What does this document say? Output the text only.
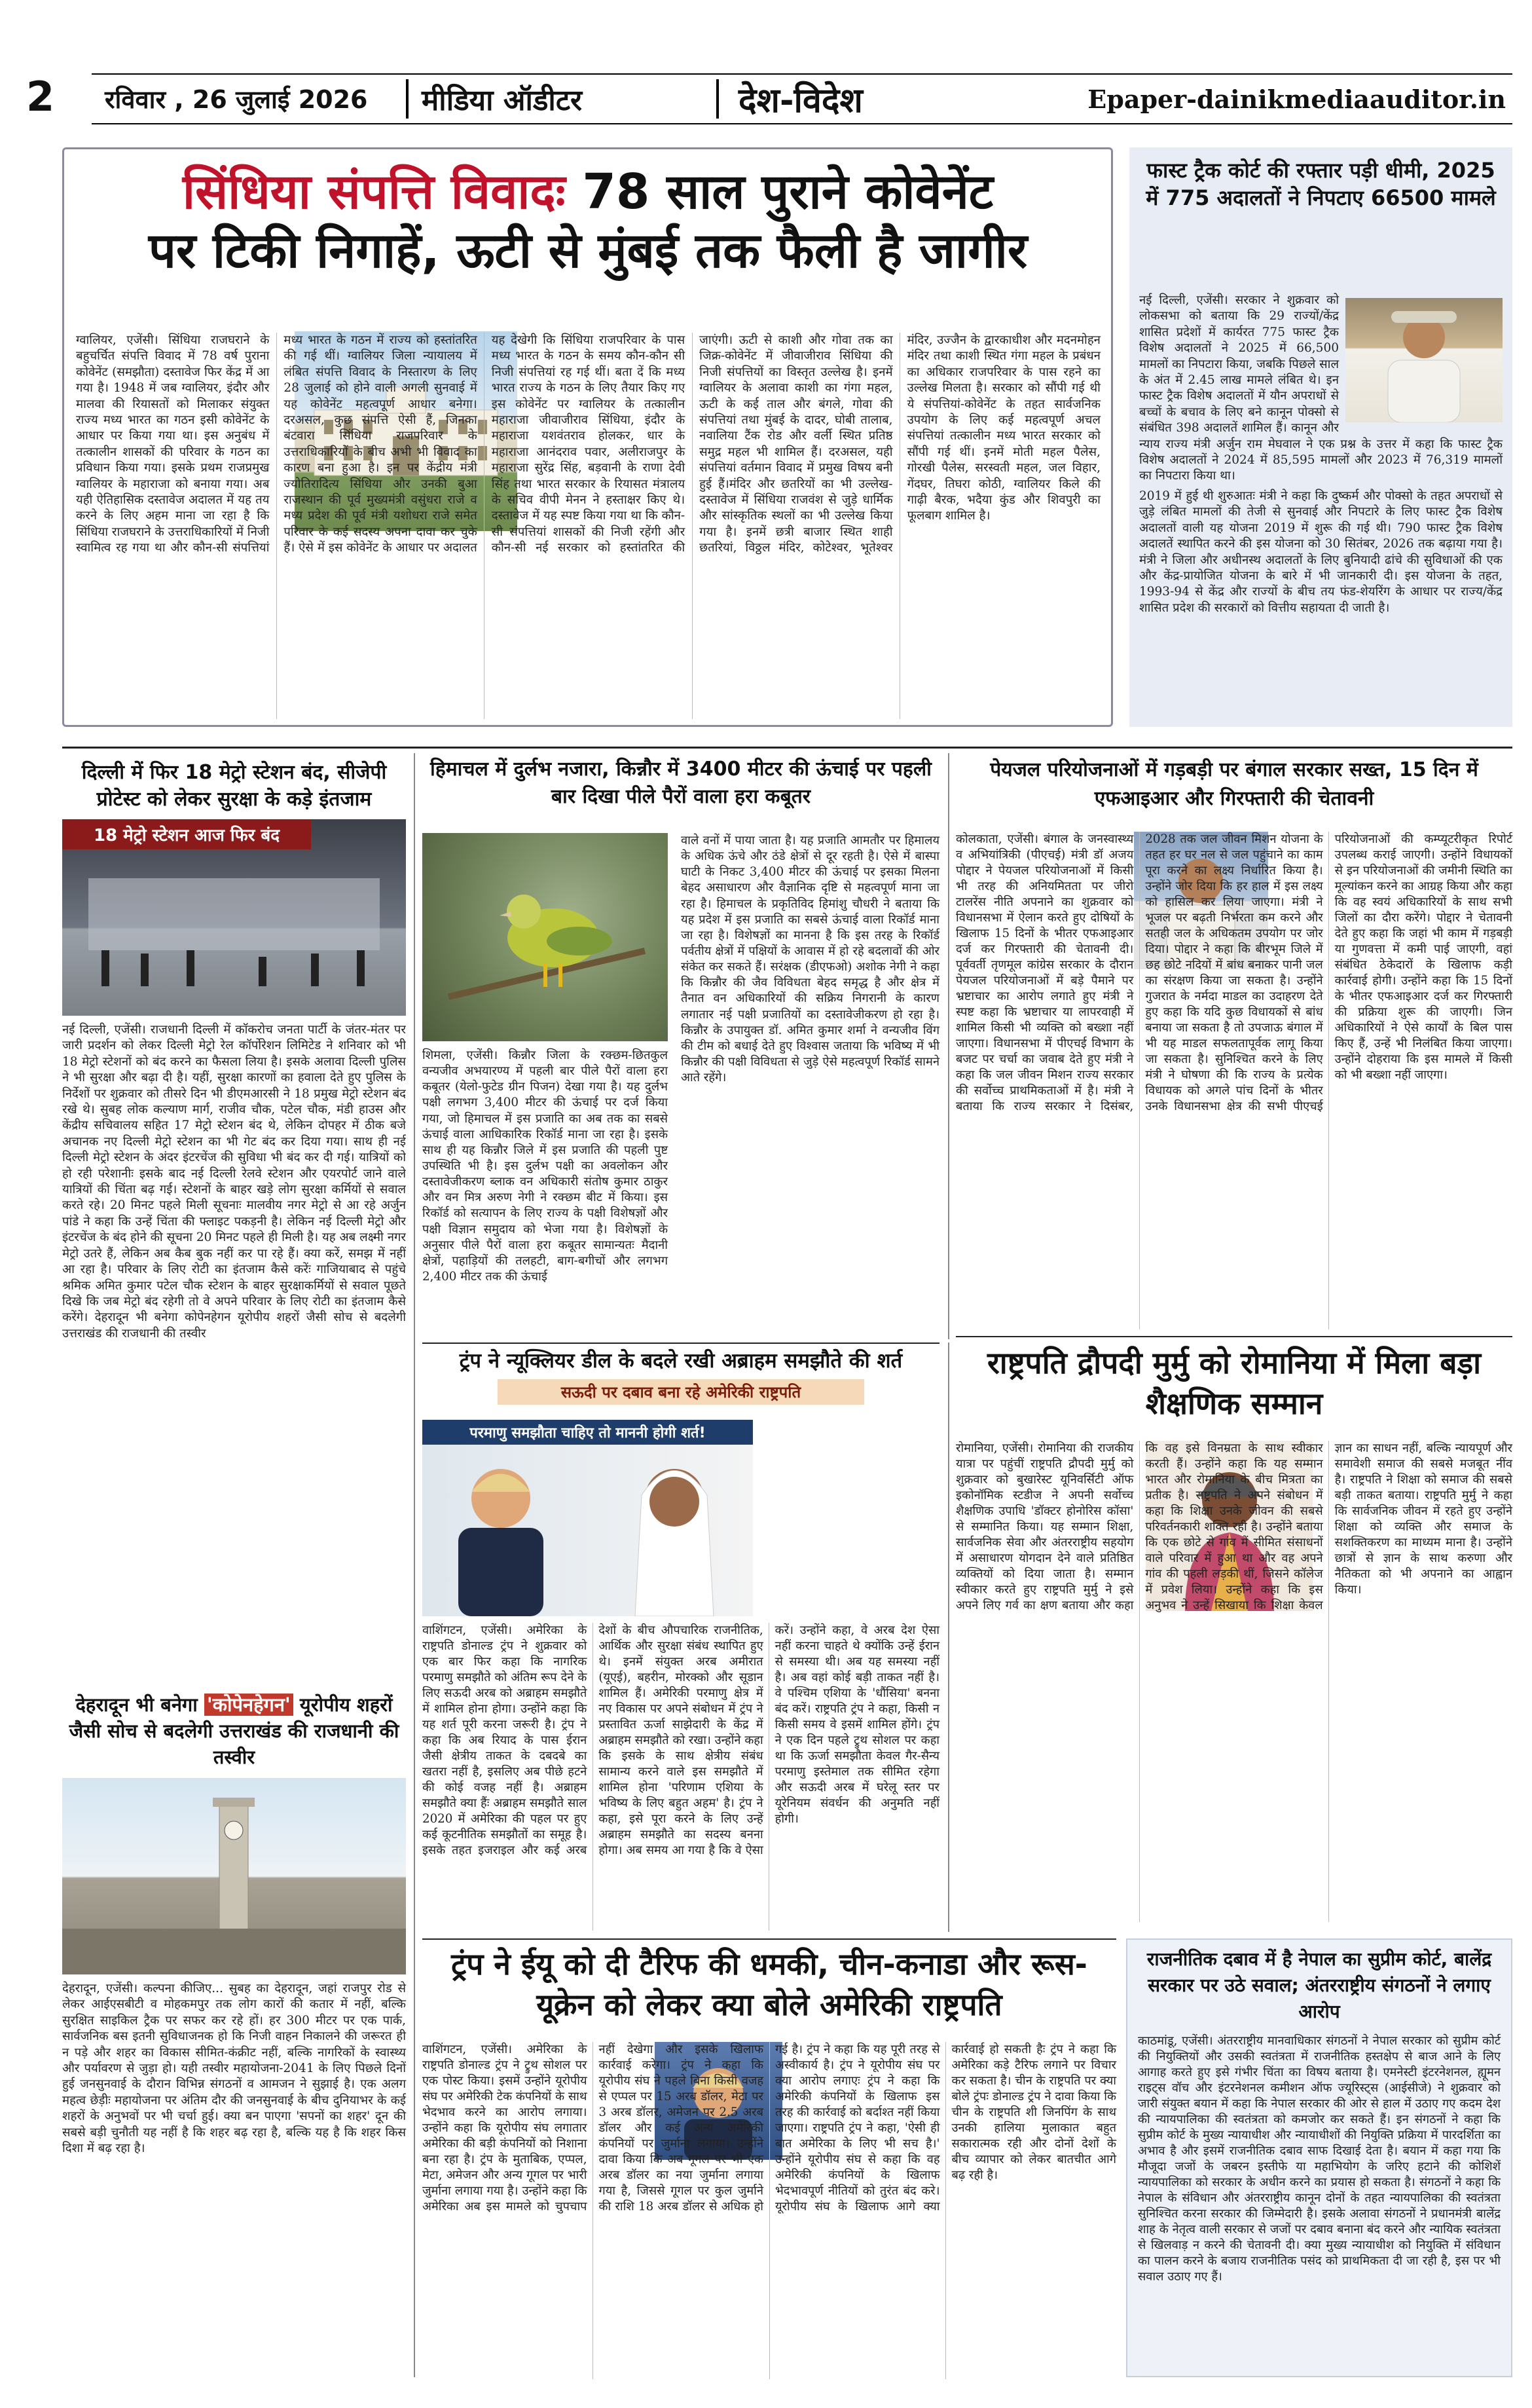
2	रविवार , 26 जुलाई 2026	मीडिया ऑडीटर	देश-विदेश	Epaper-dainikmediaauditor.in
सिंधिया संपत्ति विवादः 78 साल पुराने कोवेनेंट
पर टिकी निगाहें, ऊटी से मुंबई तक फैली है जागीर
ग्वालियर, एजेंसी। सिंधिया राजघराने के बहुचर्चित संपत्ति विवाद में 78 वर्ष पुराना कोवेनेंट (समझौता) दस्तावेज फिर केंद्र में आ गया है। 1948 में जब ग्वालियर, इंदौर और मालवा की रियासतों को मिलाकर संयुक्त राज्य मध्य भारत का गठन इसी कोवेनेंट के आधार पर किया गया था। इस अनुबंध में तत्कालीन शासकों की परिवार के गठन का प्रविधान किया गया। इसके प्रथम राजप्रमुख ग्वालियर के महाराजा को बनाया गया। अब यही ऐतिहासिक दस्तावेज अदालत में यह तय करने के लिए अहम माना जा रहा है कि सिंधिया राजघराने के उत्तराधिकारियों में निजी स्वामित्व रह गया था और कौन-सी संपत्तियां मध्य भारत के गठन में राज्य को हस्तांतरित की गई थीं। ग्वालियर जिला न्यायालय में लंबित संपत्ति विवाद के निस्तारण के लिए 28 जुलाई को होने वाली अगली सुनवाई में यह कोवेनेंट महत्वपूर्ण आधार बनेगा। दरअसल, कुछ संपत्ति ऐसी हैं, जिनका बंटवारा सिंधिया राजपरिवार के उत्तराधिकारियों के बीच अभी भी विवाद का कारण बना हुआ है। इन पर केंद्रीय मंत्री ज्योतिरादित्य सिंधिया और उनकी बुआ राजस्थान की पूर्व मुख्यमंत्री वसुंधरा राजे व मध्य प्रदेश की पूर्व मंत्री यशोधरा राजे समेत परिवार के कई सदस्य अपना दावा कर चुके हैं। ऐसे में इस कोवेनेंट के आधार पर अदालत यह देखेगी कि सिंधिया राजपरिवार के पास मध्य भारत के गठन के समय कौन-कौन सी निजी संपत्तियां रह गई थीं। बता दें कि मध्य भारत राज्य के गठन के लिए तैयार किए गए इस कोवेनेंट पर ग्वालियर के तत्कालीन महाराजा जीवाजीराव सिंधिया, इंदौर के महाराजा यशवंतराव होलकर, धार के महाराजा आनंदराव पवार, अलीराजपुर के महाराजा सुरेंद्र सिंह, बड़वानी के राणा देवी सिंह तथा भारत सरकार के रियासत मंत्रालय के सचिव वीपी मेनन ने हस्ताक्षर किए थे। दस्तावेज में यह स्पष्ट किया गया था कि कौन-सी संपत्तियां शासकों की निजी रहेंगी और कौन-सी नई सरकार को हस्तांतरित की जाएंगी। ऊटी से काशी और गोवा तक का जिक्र-कोवेनेंट में जीवाजीराव सिंधिया की निजी संपत्तियों का विस्तृत उल्लेख है। इनमें ग्वालियर के अलावा काशी का गंगा महल, ऊटी के कई ताल और बंगले, गोवा की संपत्तियां तथा मुंबई के दादर, घोबी तालाब, नवालिया टैंक रोड और वर्ली स्थित प्रतिष्ठ समुद्र महल भी शामिल हैं। दरअसल, यही संपत्तियां वर्तमान विवाद में प्रमुख विषय बनी हुई हैं।मंदिर और छतरियों का भी उल्लेख-दस्तावेज में सिंधिया राजवंश से जुड़े धार्मिक और सांस्कृतिक स्थलों का भी उल्लेख किया गया है। इनमें छत्री बाजार स्थित शाही छतरियां, विठ्ठल मंदिर, कोटेश्वर, भूतेश्वर मंदिर, उज्जैन के द्वारकाधीश और मदनमोहन मंदिर तथा काशी स्थित गंगा महल के प्रबंधन का अधिकार राजपरिवार के पास रहने का उल्लेख मिलता है। सरकार को सौंपी गई थी ये संपत्तियां-कोवेनेंट के तहत सार्वजनिक उपयोग के लिए कई महत्वपूर्ण अचल संपत्तियां तत्कालीन मध्य भारत सरकार को सौंपी गई थीं। इनमें मोती महल पैलेस, गोरखी पैलेस, सरस्वती महल, जल विहार, गेंदघर, तिघरा कोठी, ग्वालियर किले की गाढ़ी बैरक, भदैया कुंड और शिवपुरी का फूलबाग शामिल है।
फास्ट ट्रैक कोर्ट की रफ्तार पड़ी धीमी, 2025 में 775 अदालतों ने निपटाए 66500 मामले

नई दिल्ली, एजेंसी। सरकार ने शुक्रवार को लोकसभा को बताया कि 29 राज्यों/केंद्र शासित प्रदेशों में कार्यरत 775 फास्ट ट्रैक विशेष अदालतों ने 2025 में 66,500 मामलों का निपटारा किया, जबकि पिछले साल के अंत में 2.45 लाख मामले लंबित थे। इन फास्ट ट्रैक विशेष अदालतों में यौन अपराधों से बच्चों के बचाव के लिए बने कानून पोक्सो से संबंधित 398 अदालतें शामिल हैं। कानून और न्याय राज्य मंत्री अर्जुन राम मेघवाल ने एक प्रश्न के उत्तर में कहा कि फास्ट ट्रैक विशेष अदालतों ने 2024 में 85,595 मामलों और 2023 में 76,319 मामलों का निपटारा किया था।

2019 में हुई थी शुरुआतः मंत्री ने कहा कि दुष्कर्म और पोक्सो के तहत अपराधों से जुड़े लंबित मामलों की तेजी से सुनवाई और निपटारे के लिए फास्ट ट्रैक विशेष अदालतों वाली यह योजना 2019 में शुरू की गई थी। 790 फास्ट ट्रैक विशेष अदालतें स्थापित करने की इस योजना को 30 सितंबर, 2026 तक बढ़ाया गया है। मंत्री ने जिला और अधीनस्थ अदालतों के लिए बुनियादी ढांचे की सुविधाओं की एक और केंद्र-प्रायोजित योजना के बारे में भी जानकारी दी। इस योजना के तहत, 1993-94 से केंद्र और राज्यों के बीच तय फंड-शेयरिंग के आधार पर राज्य/केंद्र शासित प्रदेश की सरकारों को वित्तीय सहायता दी जाती है।

दिल्ली में फिर 18 मेट्रो स्टेशन बंद, सीजेपी प्रोटेस्ट को लेकर सुरक्षा के कड़े इंतजाम
18 मेट्रो स्टेशन आज फिर बंद
नई दिल्ली, एजेंसी। राजधानी दिल्ली में कॉकरोच जनता पार्टी के जंतर-मंतर पर जारी प्रदर्शन को लेकर दिल्ली मेट्रो रेल कॉर्पोरेशन लिमिटेड ने शनिवार को भी 18 मेट्रो स्टेशनों को बंद करने का फैसला लिया है। इसके अलावा दिल्ली पुलिस ने भी सुरक्षा और बढ़ा दी है। यहीं, सुरक्षा कारणों का हवाला देते हुए पुलिस के निर्देशों पर शुक्रवार को तीसरे दिन भी डीएमआरसी ने 18 प्रमुख मेट्रो स्टेशन बंद रखे थे। सुबह लोक कल्याण मार्ग, राजीव चौक, पटेल चौक, मंडी हाउस और केंद्रीय सचिवालय सहित 17 मेट्रो स्टेशन बंद थे, लेकिन दोपहर में ठीक बजे अचानक नए दिल्ली मेट्रो स्टेशन का भी गेट बंद कर दिया गया। साथ ही नई दिल्ली मेट्रो स्टेशन के अंदर इंटरचेंज की सुविधा भी बंद कर दी गई। यात्रियों को हो रही परेशानीः इसके बाद नई दिल्ली रेलवे स्टेशन और एयरपोर्ट जाने वाले यात्रियों की चिंता बढ़ गई। स्टेशनों के बाहर खड़े लोग सुरक्षा कर्मियों से सवाल करते रहे। 20 मिनट पहले मिली सूचनाः मालवीय नगर मेट्रो से आ रहे अर्जुन पांडे ने कहा कि उन्हें चिंता की फ्लाइट पकड़नी है। लेकिन नई दिल्ली मेट्रो और इंटरचेंज के बंद होने की सूचना 20 मिनट पहले ही मिली है। यह अब लक्ष्मी नगर मेट्रो उतरे हैं, लेकिन अब कैब बुक नहीं कर पा रहे हैं। क्या करें, समझ में नहीं आ रहा है। परिवार के लिए रोटी का इंतजाम कैसे करेंः गाजियाबाद से पहुंचे श्रमिक अमित कुमार पटेल चौक स्टेशन के बाहर सुरक्षाकर्मियों से सवाल पूछते दिखे कि जब मेट्रो बंद रहेगी तो वे अपने परिवार के लिए रोटी का इंतजाम कैसे करेंगे। देहरादून भी बनेगा कोपेनहेगन यूरोपीय शहरों जैसी सोच से बदलेगी उत्तराखंड की राजधानी की तस्वीर
देहरादून भी बनेगा 'कोपेनहेगन' यूरोपीय शहरों जैसी सोच से बदलेगी उत्तराखंड की राजधानी की तस्वीर
देहरादून, एजेंसी। कल्पना कीजिए... सुबह का देहरादून, जहां राजपुर रोड से लेकर आईएसबीटी व मोहकमपुर तक लोग कारों की कतार में नहीं, बल्कि सुरक्षित साइकिल ट्रैक पर सफर कर रहे हों। हर 300 मीटर पर एक पार्क, सार्वजनिक बस इतनी सुविधाजनक हो कि निजी वाहन निकालने की जरूरत ही न पड़े और शहर का विकास सीमित-कंक्रीट नहीं, बल्कि नागरिकों के स्वास्थ्य और पर्यावरण से जुड़ा हो। यही तस्वीर महायोजना-2041 के लिए पिछले दिनों हुई जनसुनवाई के दौरान विभिन्न संगठनों व आमजन ने सुझाई है। एक अलग महत्व छेड़ीः महायोजना पर अंतिम दौर की जनसुनवाई के बीच दुनियाभर के कई शहरों के अनुभवों पर भी चर्चा हुई। क्या बन पाएगा 'सपनों का शहर' दून की सबसे बड़ी चुनौती यह नहीं है कि शहर बढ़ रहा है, बल्कि यह है कि शहर किस दिशा में बढ़ रहा है।
हिमाचल में दुर्लभ नजारा, किन्नौर में 3400 मीटर की ऊंचाई पर पहली बार दिखा पीले पैरों वाला हरा कबूतर
शिमला, एजेंसी। किन्नौर जिला के रक्छम-छितकुल वन्यजीव अभयारण्य में पहली बार पीले पैरों वाला हरा कबूतर (येलो-फुटेड ग्रीन पिजन) देखा गया है। यह दुर्लभ पक्षी लगभग 3,400 मीटर की ऊंचाई पर दर्ज किया गया, जो हिमाचल में इस प्रजाति का अब तक का सबसे ऊंचाई वाला आधिकारिक रिकॉर्ड माना जा रहा है। इसके साथ ही यह किन्नौर जिले में इस प्रजाति की पहली पुष्ट उपस्थिति भी है। इस दुर्लभ पक्षी का अवलोकन और दस्तावेजीकरण ब्लाक वन अधिकारी संतोष कुमार ठाकुर और वन मित्र अरुण नेगी ने रक्छम बीट में किया। इस रिकॉर्ड को सत्यापन के लिए राज्य के पक्षी विशेषज्ञों और पक्षी विज्ञान समुदाय को भेजा गया है। विशेषज्ञों के अनुसार पीले पैरों वाला हरा कबूतर सामान्यतः मैदानी क्षेत्रों, पहाड़ियों की तलहटी, बाग-बगीचों और लगभग 2,400 मीटर तक की ऊंचाई
वाले वनों में पाया जाता है। यह प्रजाति आमतौर पर हिमालय के अधिक ऊंचे और ठंडे क्षेत्रों से दूर रहती है। ऐसे में बास्पा घाटी के निकट 3,400 मीटर की ऊंचाई पर इसका मिलना बेहद असाधारण और वैज्ञानिक दृष्टि से महत्वपूर्ण माना जा रहा है। हिमाचल के प्रकृतिविद हिमांशु चौधरी ने बताया कि यह प्रदेश में इस प्रजाति का सबसे ऊंचाई वाला रिकॉर्ड माना जा रहा है। विशेषज्ञों का मानना है कि इस तरह के रिकॉर्ड पर्वतीय क्षेत्रों में पक्षियों के आवास में हो रहे बदलावों की ओर संकेत कर सकते हैं। सरंक्षक (डीएफओ) अशोक नेगी ने कहा कि किन्नौर की जैव विविधता बेहद समृद्ध है और क्षेत्र में तैनात वन अधिकारियों की सक्रिय निगरानी के कारण लगातार नई पक्षी प्रजातियों का दस्तावेजीकरण हो रहा है। किन्नौर के उपायुक्त डॉ. अमित कुमार शर्मा ने वन्यजीव विंग की टीम को बधाई देते हुए विश्वास जताया कि भविष्य में भी किन्नौर की पक्षी विविधता से जुड़े ऐसे महत्वपूर्ण रिकॉर्ड सामने आते रहेंगे।
पेयजल परियोजनाओं में गड़बड़ी पर बंगाल सरकार सख्त, 15 दिन में एफआइआर और गिरफ्तारी की चेतावनी
कोलकाता, एजेंसी। बंगाल के जनस्वास्थ्य व अभियांत्रिकी (पीएचई) मंत्री डॉ अजय पोद्दार ने पेयजल परियोजनाओं में किसी भी तरह की अनियमितता पर जीरो टालरेंस नीति अपनाने का शुक्रवार को विधानसभा में ऐलान करते हुए दोषियों के खिलाफ 15 दिनों के भीतर एफआइआर दर्ज कर गिरफ्तारी की चेतावनी दी। पूर्ववर्ती तृणमूल कांग्रेस सरकार के दौरान पेयजल परियोजनाओं में बड़े पैमाने पर भ्रष्टाचार का आरोप लगाते हुए मंत्री ने स्पष्ट कहा कि भ्रष्टाचार या लापरवाही में शामिल किसी भी व्यक्ति को बख्शा नहीं जाएगा। विधानसभा में पीएचई विभाग के बजट पर चर्चा का जवाब देते हुए मंत्री ने कहा कि जल जीवन मिशन राज्य सरकार की सर्वोच्च प्राथमिकताओं में है। मंत्री ने बताया कि राज्य सरकार ने दिसंबर, 2028 तक जल जीवन मिशन योजना के तहत हर घर नल से जल पहुंचाने का काम पूरा करने का लक्ष्य निर्धारित किया है। उन्होंने जोर दिया कि हर हाल में इस लक्ष्य को हासिल कर लिया जाएगा। मंत्री ने भूजल पर बढ़ती निर्भरता कम करने और सतही जल के अधिकतम उपयोग पर जोर दिया। पोद्दार ने कहा कि बीरभूम जिले में छह छोटे नदियों में बांध बनाकर पानी जल का संरक्षण किया जा सकता है। उन्होंने गुजरात के नर्मदा माडल का उदाहरण देते हुए कहा कि यदि कुछ विधायकों से बांध बनाया जा सकता है तो उपजाऊ बंगाल में भी यह माडल सफलतापूर्वक लागू किया जा सकता है। सुनिश्चित करने के लिए मंत्री ने घोषणा की कि राज्य के प्रत्येक विधायक को अगले पांच दिनों के भीतर उनके विधानसभा क्षेत्र की सभी पीएचई परियोजनाओं की कम्प्यूटरीकृत रिपोर्ट उपलब्ध कराई जाएगी। उन्होंने विधायकों से इन परियोजनाओं की जमीनी स्थिति का मूल्यांकन करने का आग्रह किया और कहा कि वह स्वयं अधिकारियों के साथ सभी जिलों का दौरा करेंगे। पोद्दार ने चेतावनी देते हुए कहा कि जहां भी काम में गड़बड़ी या गुणवत्ता में कमी पाई जाएगी, वहां संबंधित ठेकेदारों के खिलाफ कड़ी कार्रवाई होगी। उन्होंने कहा कि 15 दिनों के भीतर एफआइआर दर्ज कर गिरफ्तारी की प्रक्रिया शुरू की जाएगी। जिन अधिकारियों ने ऐसे कार्यों के बिल पास किए हैं, उन्हें भी निलंबित किया जाएगा। उन्होंने दोहराया कि इस मामले में किसी को भी बख्शा नहीं जाएगा।
ट्रंप ने न्यूक्लियर डील के बदले रखी अब्राहम समझौते की शर्त
सऊदी पर दबाव बना रहे अमेरिकी राष्ट्रपति
परमाणु समझौता चाहिए तो माननी होगी शर्त!
वाशिंगटन, एजेंसी। अमेरिका के राष्ट्रपति डोनाल्ड ट्रंप ने शुक्रवार को एक बार फिर कहा कि नागरिक परमाणु समझौते को अंतिम रूप देने के लिए सऊदी अरब को अब्राहम समझौते में शामिल होना होगा। उन्होंने कहा कि यह शर्त पूरी करना जरूरी है। ट्रंप ने कहा कि अब रियाद के पास ईरान जैसी क्षेत्रीय ताकत के दबदबे का खतरा नहीं है, इसलिए अब पीछे हटने की कोई वजह नहीं है। अब्राहम समझौते क्या हैंः अब्राहम समझौते साल 2020 में अमेरिका की पहल पर हुए कई कूटनीतिक समझौतों का समूह है। इसके तहत इजराइल और कई अरब देशों के बीच औपचारिक राजनीतिक, आर्थिक और सुरक्षा संबंध स्थापित हुए थे। इनमें संयुक्त अरब अमीरात (यूएई), बहरीन, मोरक्को और सूडान शामिल हैं। अमेरिकी परमाणु क्षेत्र में नए विकास पर अपने संबोधन में ट्रंप ने प्रस्तावित ऊर्जा साझेदारी के केंद्र में अब्राहम समझौते को रखा। उन्होंने कहा कि इसके के साथ क्षेत्रीय संबंध सामान्य करने वाले इस समझौते में शामिल होना 'परिणाम एशिया के भविष्य के लिए बहुत अहम' है। ट्रंप ने कहा, इसे पूरा करने के लिए उन्हें अब्राहम समझौते का सदस्य बनना होगा। अब समय आ गया है कि वे ऐसा करें। उन्होंने कहा, वे अरब देश ऐसा नहीं करना चाहते थे क्योंकि उन्हें ईरान से समस्या थी। अब यह समस्या नहीं है। अब वहां कोई बड़ी ताकत नहीं है। वे पश्चिम एशिया के 'धौंसिया' बनना बंद करें। राष्ट्रपति ट्रंप ने कहा, किसी न किसी समय वे इसमें शामिल होंगे। ट्रंप ने एक दिन पहले ट्रुथ सोशल पर कहा था कि ऊर्जा समझौता केवल गैर-सैन्य परमाणु इस्तेमाल तक सीमित रहेगा और सऊदी अरब में घरेलू स्तर पर यूरेनियम संवर्धन की अनुमति नहीं होगी।
राष्ट्रपति द्रौपदी मुर्मु को रोमानिया में मिला बड़ा शैक्षणिक सम्मान
रोमानिया, एजेंसी। रोमानिया की राजकीय यात्रा पर पहुंचीं राष्ट्रपति द्रौपदी मुर्मु को शुक्रवार को बुखारेस्ट यूनिवर्सिटी ऑफ इकोनॉमिक स्टडीज ने अपनी सर्वोच्च शैक्षणिक उपाधि 'डॉक्टर होनोरिस कॉसा' से सम्मानित किया। यह सम्मान शिक्षा, सार्वजनिक सेवा और अंतरराष्ट्रीय सहयोग में असाधारण योगदान देने वाले प्रतिष्ठित व्यक्तियों को दिया जाता है। सम्मान स्वीकार करते हुए राष्ट्रपति मुर्मु ने इसे अपने लिए गर्व का क्षण बताया और कहा कि वह इसे विनम्रता के साथ स्वीकार करती हैं। उन्होंने कहा कि यह सम्मान भारत और रोमानिया के बीच मित्रता का प्रतीक है। राष्ट्रपति ने अपने संबोधन में कहा कि शिक्षा उनके जीवन की सबसे परिवर्तनकारी शक्ति रही है। उन्होंने बताया कि एक छोटे से गांव में सीमित संसाधनों वाले परिवार में हुआ था और वह अपने गांव की पहली लड़की थीं, जिसने कॉलेज में प्रवेश लिया। उन्होंने कहा कि इस अनुभव ने उन्हें सिखाया कि शिक्षा केवल ज्ञान का साधन नहीं, बल्कि न्यायपूर्ण और समावेशी समाज की सबसे मजबूत नींव है। राष्ट्रपति ने शिक्षा को समाज की सबसे बड़ी ताकत बताया। राष्ट्रपति मुर्मु ने कहा कि सार्वजनिक जीवन में रहते हुए उन्होंने शिक्षा को व्यक्ति और समाज के सशक्तिकरण का माध्यम माना है। उन्होंने छात्रों से ज्ञान के साथ करुणा और नैतिकता को भी अपनाने का आह्वान किया।
ट्रंप ने ईयू को दी टैरिफ की धमकी, चीन-कनाडा और रूस-यूक्रेन को लेकर क्या बोले अमेरिकी राष्ट्रपति
वाशिंगटन, एजेंसी। अमेरिका के राष्ट्रपति डोनाल्ड ट्रंप ने ट्रुथ सोशल पर एक पोस्ट किया। इसमें उन्होंने यूरोपीय संघ पर अमेरिकी टेक कंपनियों के साथ भेदभाव करने का आरोप लगाया। उन्होंने कहा कि यूरोपीय संघ लगातार अमेरिका की बड़ी कंपनियों को निशाना बना रहा है। ट्रंप के मुताबिक, एप्पल, मेटा, अमेजन और अन्य गूगल पर भारी जुर्माना लगाया गया है। उन्होंने कहा कि अमेरिका अब इस मामले को चुपचाप नहीं देखेगा और इसके खिलाफ कार्रवाई करेगा। ट्रंप ने कहा कि यूरोपीय संघ ने पहले बिना किसी वजह से एप्पल पर 15 अरब डॉलर, मेटा पर 3 अरब डॉलर, अमेजन पर 2.5 अरब डॉलर और कई अन्य अमेरिकी कंपनियों पर जुर्माना लगाया। उन्होंने दावा किया कि अब गूगल पर भी एक अरब डॉलर का नया जुर्माना लगाया गया है, जिससे गूगल पर कुल जुर्माने की राशि 18 अरब डॉलर से अधिक हो गई है। ट्रंप ने कहा कि यह पूरी तरह से अस्वीकार्य है। ट्रंप ने यूरोपीय संघ पर क्या आरोप लगाएः ट्रंप ने कहा कि अमेरिकी कंपनियों के खिलाफ इस तरह की कार्रवाई को बर्दाश्त नहीं किया जाएगा। राष्ट्रपति ट्रंप ने कहा, 'ऐसी ही बात अमेरिका के लिए भी सच है।' उन्होंने यूरोपीय संघ से कहा कि वह अमेरिकी कंपनियों के खिलाफ भेदभावपूर्ण नीतियों को तुरंत बंद करे। यूरोपीय संघ के खिलाफ आगे क्या कार्रवाई हो सकती हैः ट्रंप ने कहा कि अमेरिका कड़े टैरिफ लगाने पर विचार कर सकता है। चीन के राष्ट्रपति पर क्या बोले ट्रंपः डोनाल्ड ट्रंप ने दावा किया कि चीन के राष्ट्रपति शी जिनपिंग के साथ उनकी हालिया मुलाकात बहुत सकारात्मक रही और दोनों देशों के बीच व्यापार को लेकर बातचीत आगे बढ़ रही है।
राजनीतिक दबाव में है नेपाल का सुप्रीम कोर्ट, बालेंद्र सरकार पर उठे सवाल; अंतरराष्ट्रीय संगठनों ने लगाए आरोप
काठमांडू, एजेंसी। अंतरराष्ट्रीय मानवाधिकार संगठनों ने नेपाल सरकार को सुप्रीम कोर्ट की नियुक्तियों और उसकी स्वतंत्रता में राजनीतिक हस्तक्षेप से बाज आने के लिए आगाह करते हुए इसे गंभीर चिंता का विषय बताया है। एमनेस्टी इंटरनेशनल, ह्यूमन राइट्स वॉच और इंटरनेशनल कमीशन ऑफ ज्यूरिस्ट्स (आईसीजे) ने शुक्रवार को जारी संयुक्त बयान में कहा कि नेपाल सरकार की ओर से हाल में उठाए गए कदम देश की न्यायपालिका की स्वतंत्रता को कमजोर कर सकते हैं। इन संगठनों ने कहा कि सुप्रीम कोर्ट के मुख्य न्यायाधीश और न्यायाधीशों की नियुक्ति प्रक्रिया में पारदर्शिता का अभाव है और इसमें राजनीतिक दबाव साफ दिखाई देता है। बयान में कहा गया कि मौजूदा जजों के जबरन इस्तीफे या महाभियोग के जरिए हटाने की कोशिशें न्यायपालिका को सरकार के अधीन करने का प्रयास हो सकता है। संगठनों ने कहा कि नेपाल के संविधान और अंतरराष्ट्रीय कानून दोनों के तहत न्यायपालिका की स्वतंत्रता सुनिश्चित करना सरकार की जिम्मेदारी है। इसके अलावा संगठनों ने प्रधानमंत्री बालेंद्र शाह के नेतृत्व वाली सरकार से जजों पर दबाव बनाना बंद करने और न्यायिक स्वतंत्रता से खिलवाड़ न करने की चेतावनी दी। क्या मुख्य न्यायाधीश को नियुक्ति में संविधान का पालन करने के बजाय राजनीतिक पसंद को प्राथमिकता दी जा रही है, इस पर भी सवाल उठाए गए हैं।
